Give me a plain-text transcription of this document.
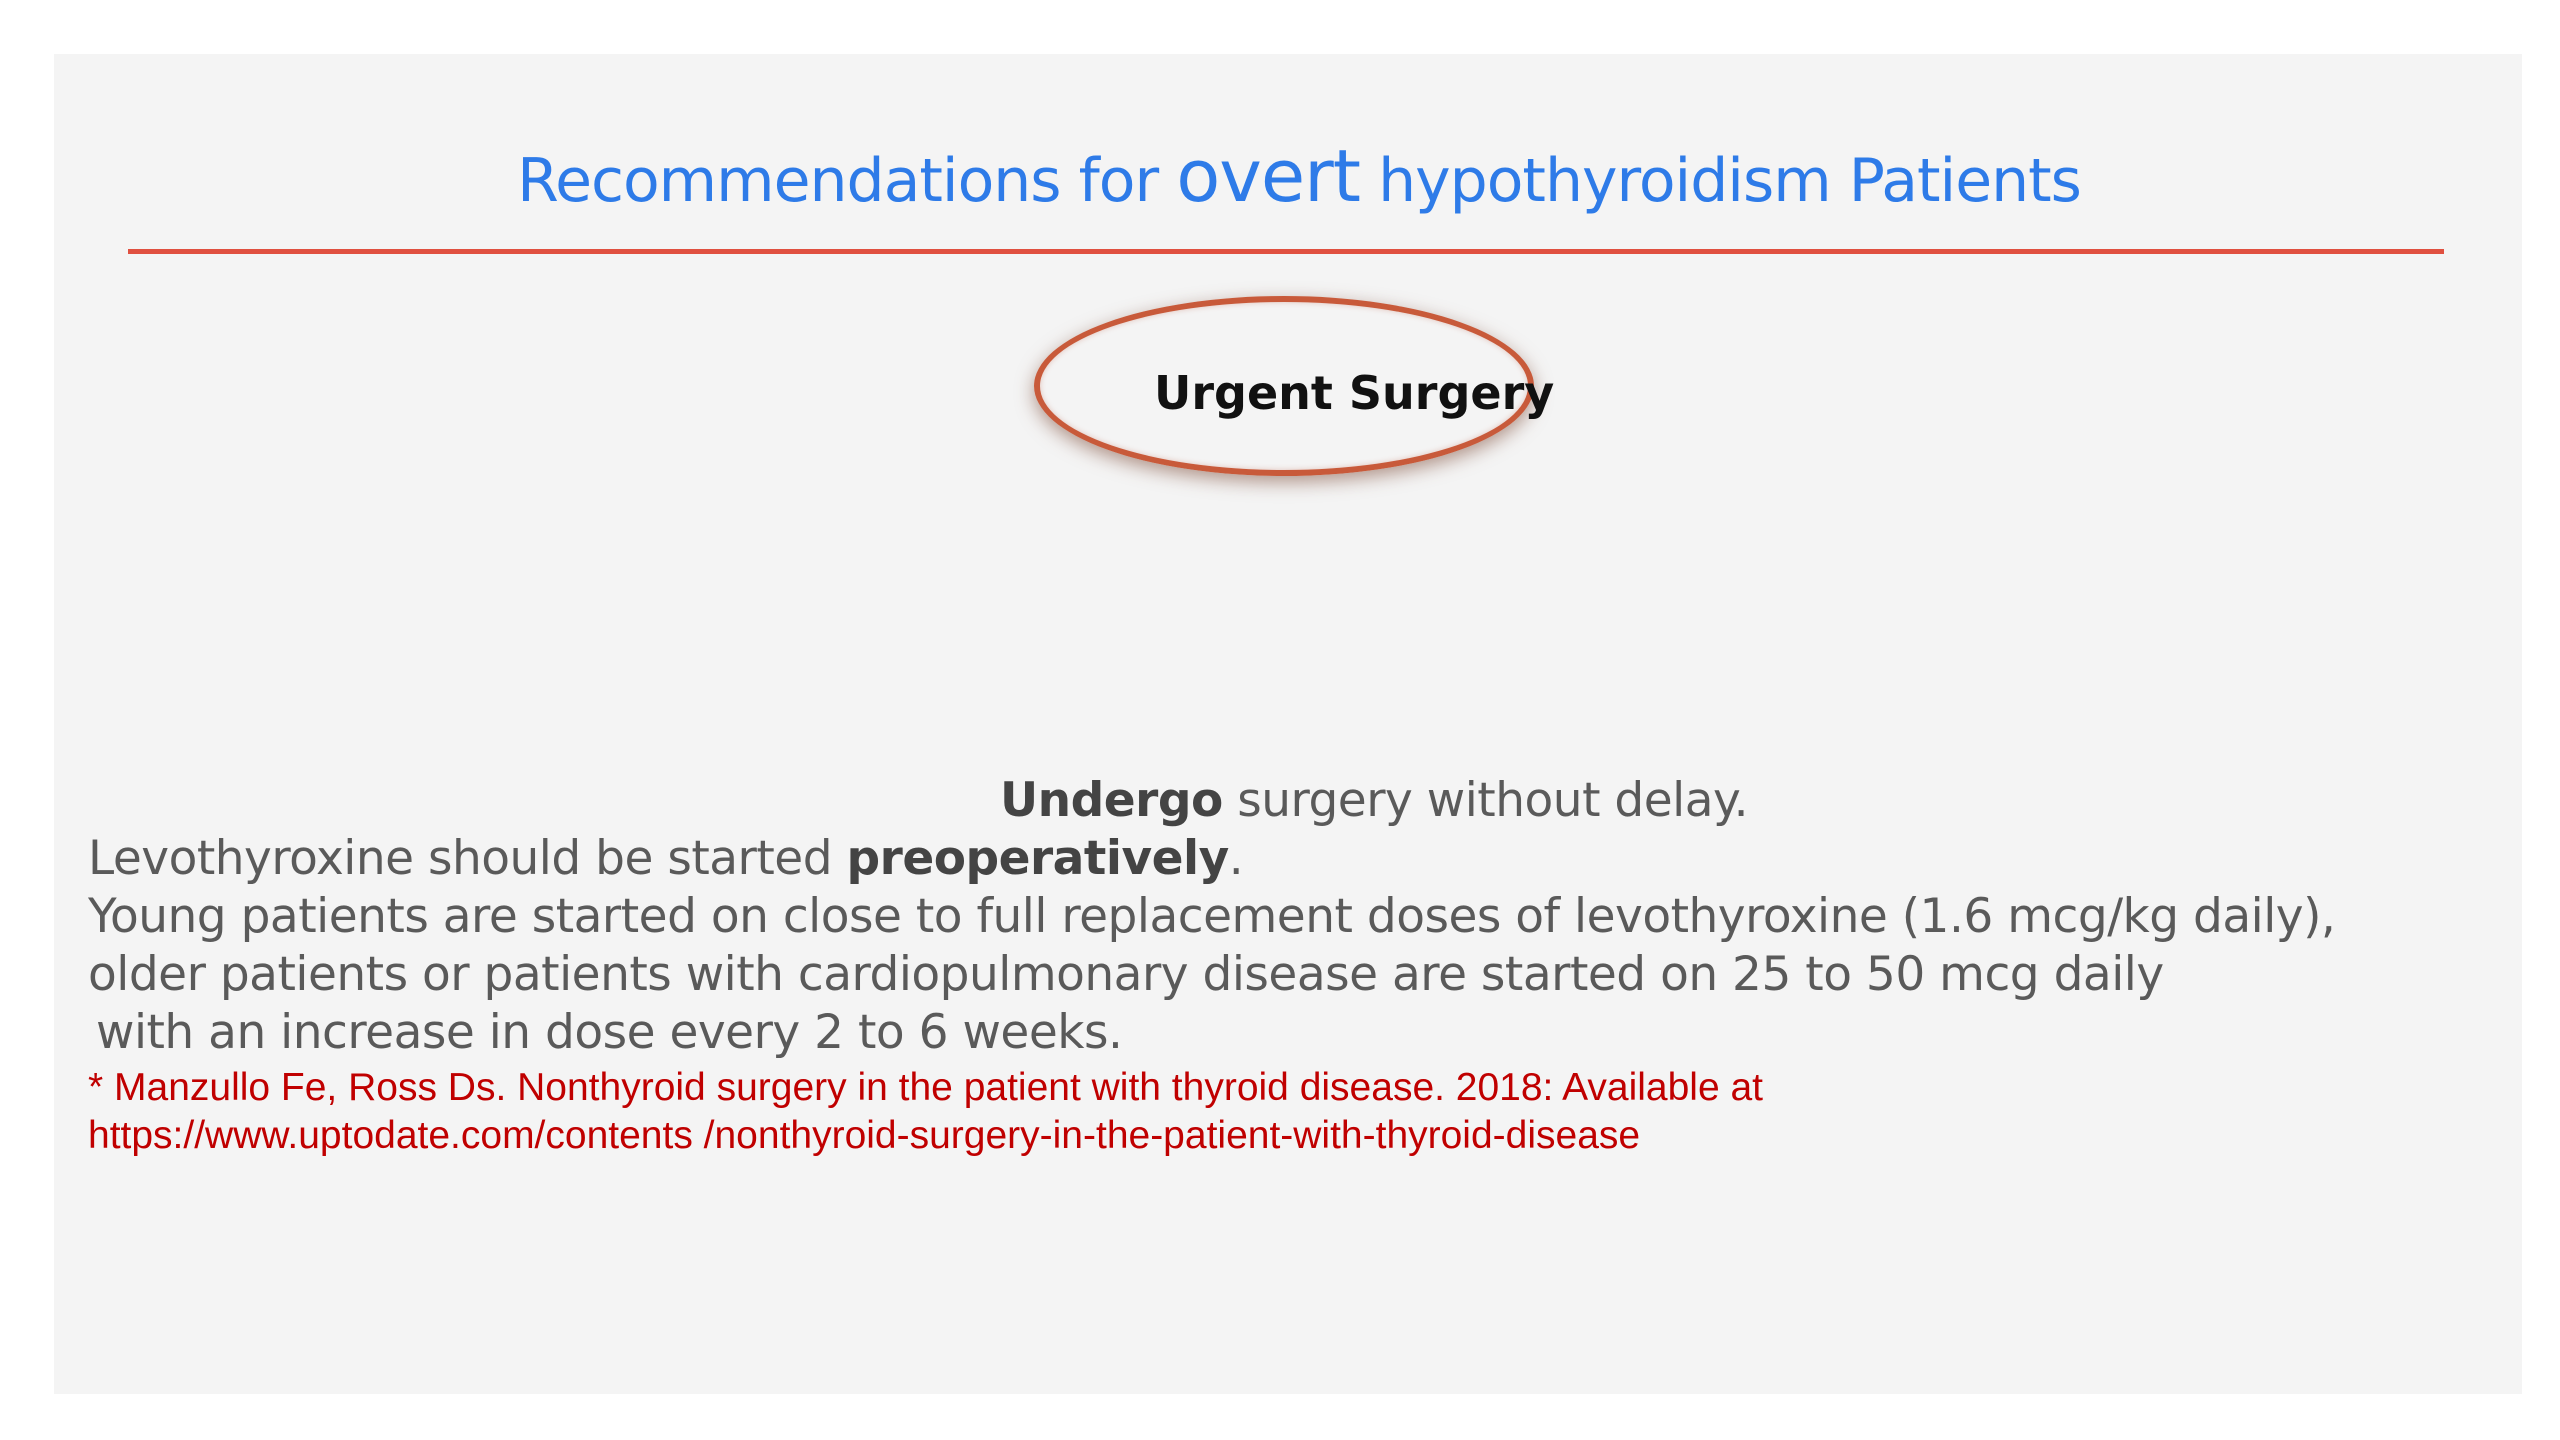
Recommendations for overt hypothyroidism Patients
Urgent Surgery
Undergo surgery without delay.
Levothyroxine should be started preoperatively.
Young patients are started on close to full replacement doses of levothyroxine (1.6 mcg/kg daily),
older patients or patients with cardiopulmonary disease are started on 25 to 50 mcg daily
with an increase in dose every 2 to 6 weeks.
* Manzullo Fe, Ross Ds. Nonthyroid surgery in the patient with thyroid disease. 2018: Available at
https://www.uptodate.com/contents /nonthyroid-surgery-in-the-patient-with-thyroid-disease
